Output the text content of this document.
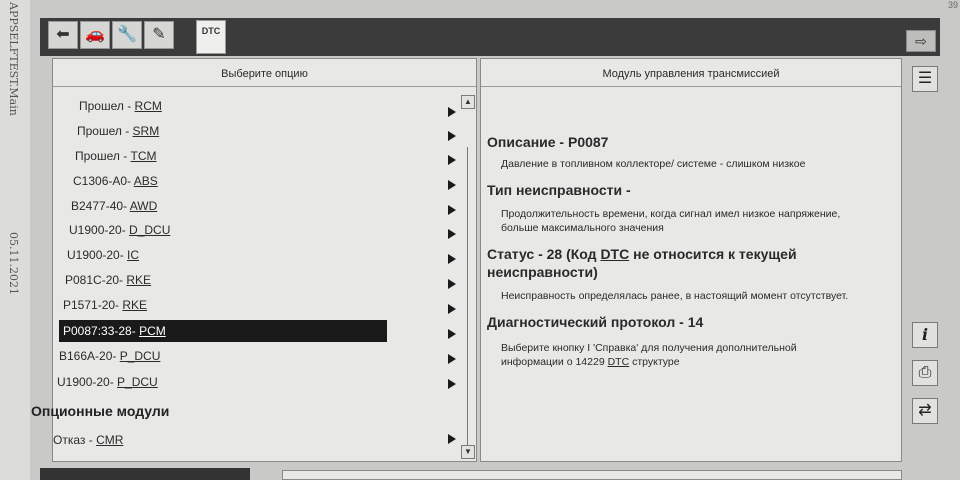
APPSELFTEST.Main
05.11.2021
39
⬅ 🚗 🔧 ✎	DTC
⇨
Выберите опцию
Прошел - RCM
Прошел - SRM
Прошел - TCM
C1306-A0- ABS
B2477-40- AWD
U1900-20- D_DCU
U1900-20- IC
P081C-20- RKE
P1571-20- RKE
P0087:33-28- PCM
B166A-20- P_DCU
U1900-20- P_DCU
Опционные модули
Отказ - CMR
▲
▼
Модуль управления трансмиссией
Описание - P0087
Давление в топливном коллекторе/ системе - слишком низкое
Тип неисправности -
Продолжительность времени, когда сигнал имел низкое напряжение,
больше максимального значения
Статус - 28 (Код DTC не относится к текущей
неисправности)
Неисправность определялась ранее, в настоящий момент отсутствует.
Диагностический протокол - 14
Выберите кнопку I 'Справка' для получения дополнительной
информации о 14229 DTC структуре
☰
i
⎙
⇄
